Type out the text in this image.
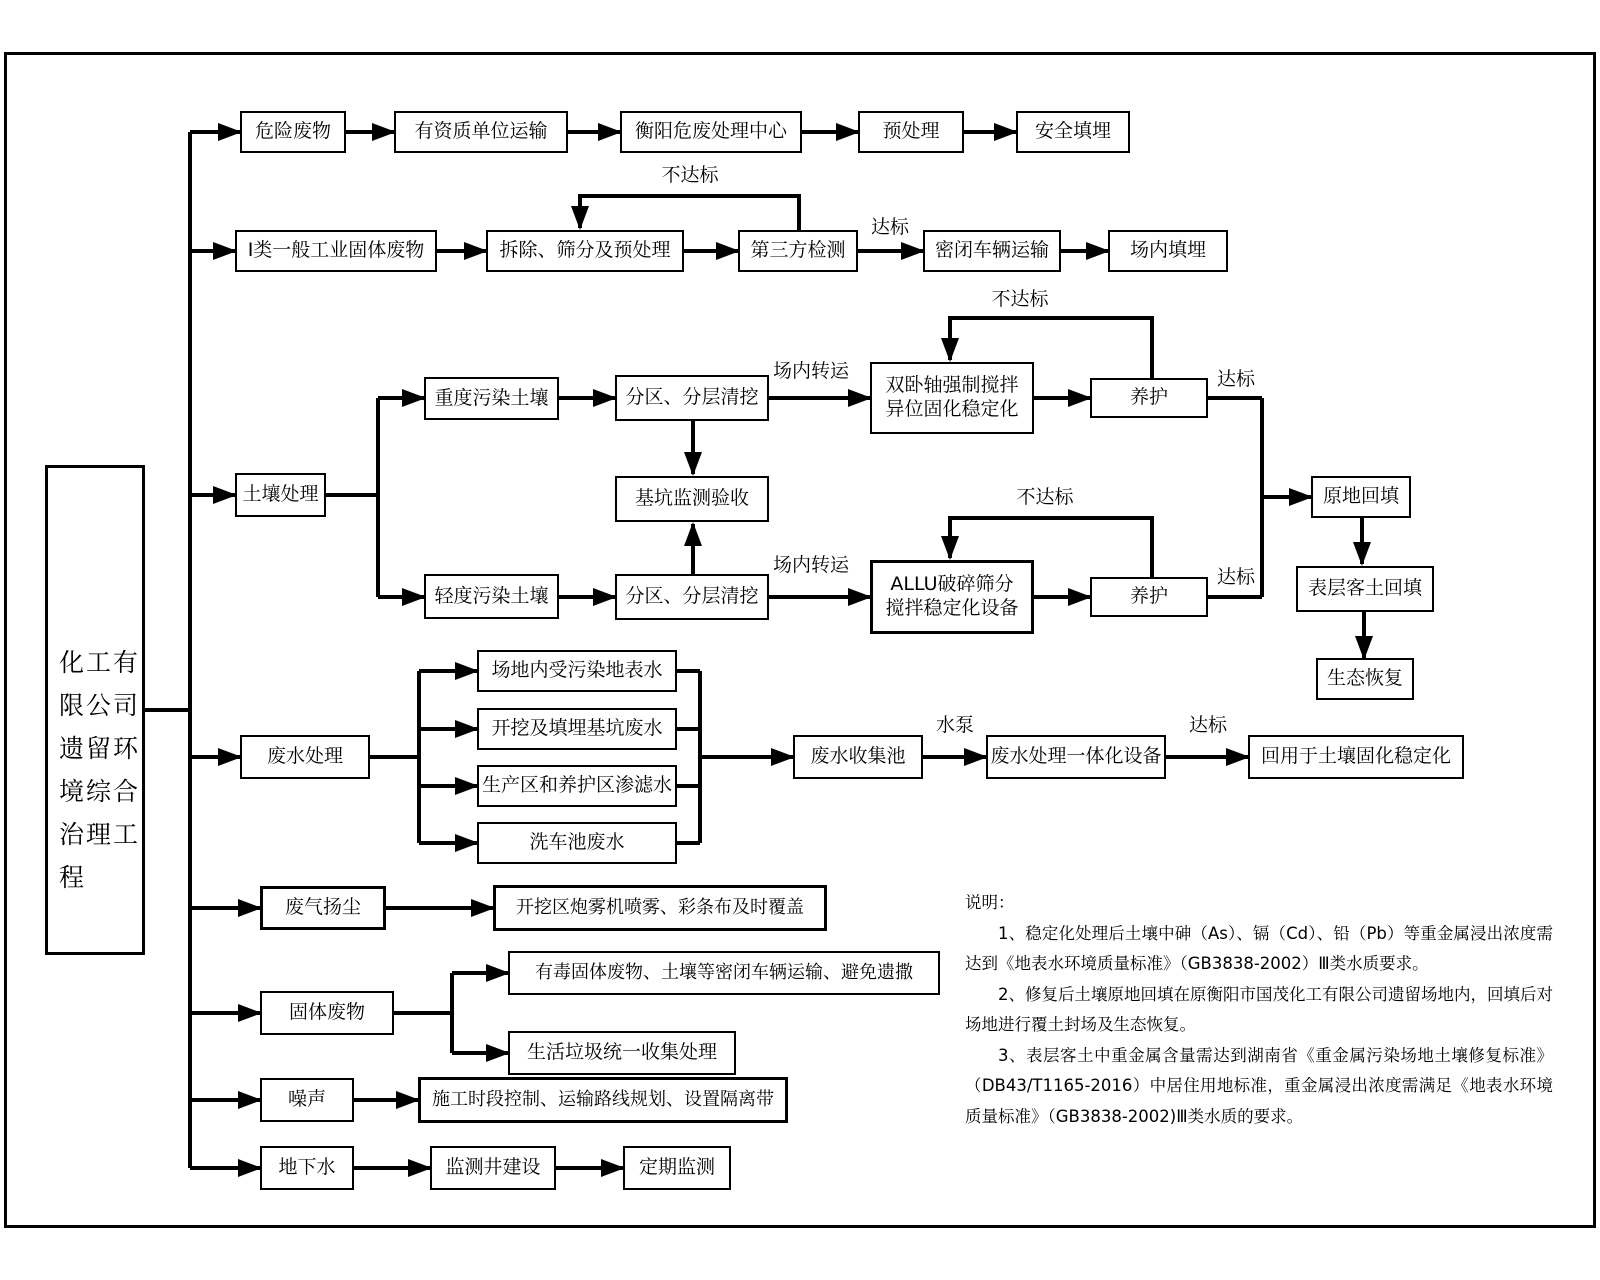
化工有
限公司
遗留环
境综合
治理工
程
危险废物	有资质单位运输	衡阳危废处理中心	预处理	安全填埋
Ⅰ类一般工业固体废物	拆除、筛分及预处理	第三方检测	密闭车辆运输	场内填埋
不达标
达标
土壤处理
重度污染土壤	分区、分层清挖
双卧轴强制搅拌
异位固化稳定化
养护
基坑监测验收
轻度污染土壤	分区、分层清挖
ALLU破碎筛分
搅拌稳定化设备
养护
原地回填
表层客土回填
生态恢复
场内转运
不达标
达标
场内转运
不达标
达标
废水处理
场地内受污染地表水
开挖及填埋基坑废水
生产区和养护区渗滤水
洗车池废水
废水收集池	废水处理一体化设备	回用于土壤固化稳定化
水泵	达标
废气扬尘	开挖区炮雾机喷雾、彩条布及时覆盖
固体废物
有毒固体废物、土壤等密闭车辆运输、避免遗撒
生活垃圾统一收集处理
噪声	施工时段控制、运输路线规划、设置隔离带
地下水	监测井建设	定期监测

说明：

1、稳定化处理后土壤中砷（As）、镉（Cd）、铅（Pb）等重金属浸出浓度需达到《地表水环境质量标准》（GB3838-2002）Ⅲ类水质要求。

2、修复后土壤原地回填在原衡阳市国茂化工有限公司遗留场地内，回填后对场地进行覆土封场及生态恢复。

3、表层客土中重金属含量需达到湖南省《重金属污染场地土壤修复标准》（DB43/T1165-2016）中居住用地标准，重金属浸出浓度需满足《地表水环境质量标准》（GB3838-2002)Ⅲ类水质的要求。
